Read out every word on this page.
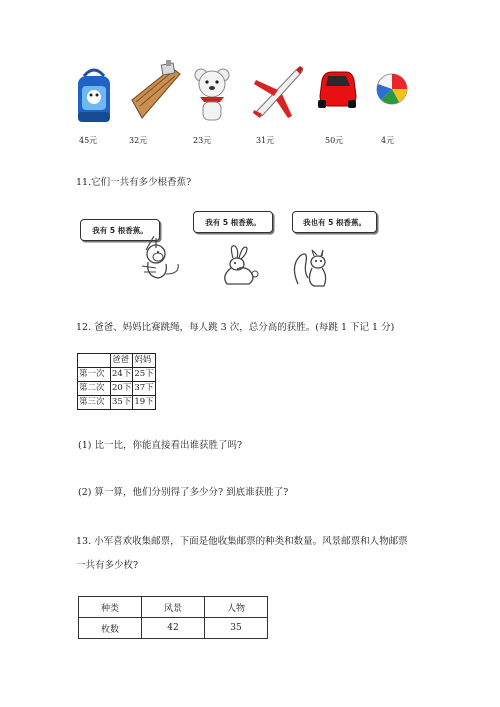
45元	32元	23元	31元	50元	4元
11.它们一共有多少根香蕉?
我有 5 根香蕉。
我有 5 根香蕉。	我也有 5 根香蕉。
12. 爸爸、妈妈比赛跳绳，每人跳 3 次，总分高的获胜。(每跳 1 下记 1 分)
	爸爸	妈妈
第一次	24下	25下
第二次	20下	37下
第三次	35下	19下
(1) 比一比，你能直接看出谁获胜了吗?
(2) 算一算，他们分别得了多少分? 到底谁获胜了?
13. 小军喜欢收集邮票，下面是他收集邮票的种类和数量。风景邮票和人物邮票
一共有多少枚?
种类	风景	人物
枚数	42	35
